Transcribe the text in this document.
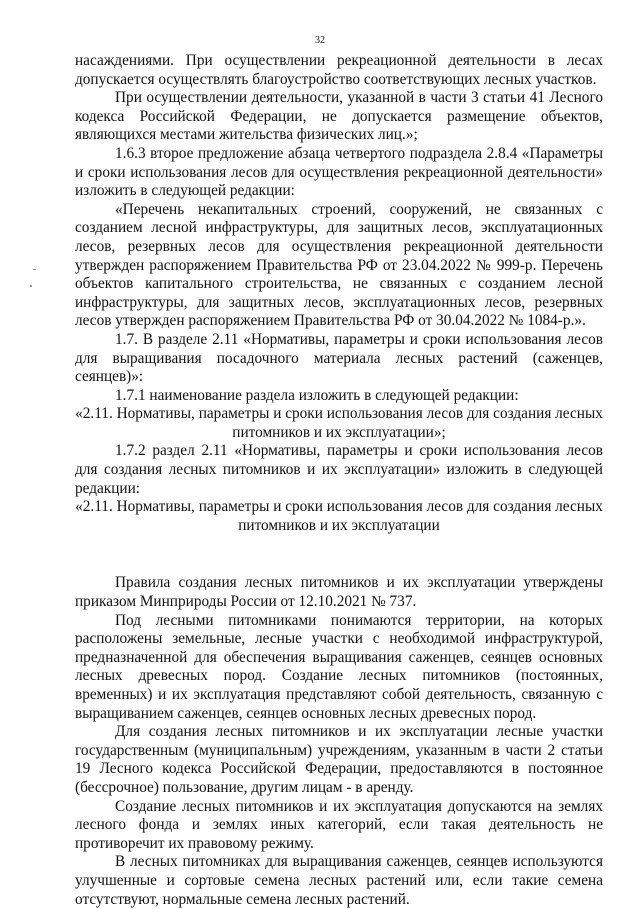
32

насаждениями. При осуществлении рекреационной деятельности в лесах допускается осуществлять благоустройство соответствующих лесных участков.

При осуществлении деятельности, указанной в части 3 статьи 41 Лесного кодекса Российской Федерации, не допускается размещение объектов, являющихся местами жительства физических лиц.»;

1.6.3 второе предложение абзаца четвертого подраздела 2.8.4 «Параметры и сроки использования лесов для осуществления рекреационной деятельности» изложить в следующей редакции:

«Перечень некапитальных строений, сооружений, не связанных с созданием лесной инфраструктуры, для защитных лесов, эксплуатационных лесов, резервных лесов для осуществления рекреационной деятельности утвержден распоряжением Правительства РФ от 23.04.2022 № 999-р. Перечень объектов капитального строительства, не связанных с созданием лесной инфраструктуры, для защитных лесов, эксплуатационных лесов, резервных лесов утвержден распоряжением Правительства РФ от 30.04.2022 № 1084-р.».

1.7. В разделе 2.11 «Нормативы, параметры и сроки использования лесов для выращивания посадочного материала лесных растений (саженцев, сеянцев)»:

1.7.1 наименование раздела изложить в следующей редакции:

«2.11. Нормативы, параметры и сроки использования лесов для создания лесных питомников и их эксплуатации»;

1.7.2 раздел 2.11 «Нормативы, параметры и сроки использования лесов для создания лесных питомников и их эксплуатации» изложить в следующей редакции:

«2.11. Нормативы, параметры и сроки использования лесов для создания лесных питомников и их эксплуатации

Правила создания лесных питомников и их эксплуатации утверждены приказом Минприроды России от 12.10.2021 № 737.

Под лесными питомниками понимаются территории, на которых расположены земельные, лесные участки с необходимой инфраструктурой, предназначенной для обеспечения выращивания саженцев, сеянцев основных лесных древесных пород. Создание лесных питомников (постоянных, временных) и их эксплуатация представляют собой деятельность, связанную с выращиванием саженцев, сеянцев основных лесных древесных пород.

Для создания лесных питомников и их эксплуатации лесные участки государственным (муниципальным) учреждениям, указанным в части 2 статьи 19 Лесного кодекса Российской Федерации, предоставляются в постоянное (бессрочное) пользование, другим лицам - в аренду.

Создание лесных питомников и их эксплуатация допускаются на землях лесного фонда и землях иных категорий, если такая деятельность не противоречит их правовому режиму.

В лесных питомниках для выращивания саженцев, сеянцев используются улучшенные и сортовые семена лесных растений или, если такие семена отсутствуют, нормальные семена лесных растений.
